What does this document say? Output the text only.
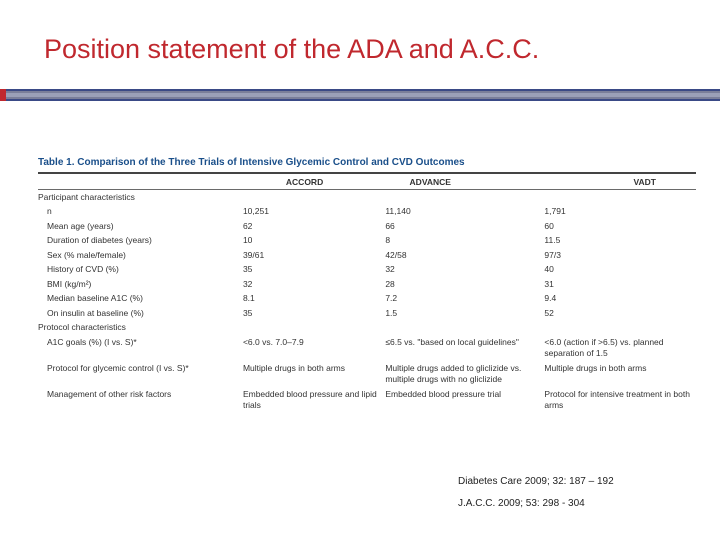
Position statement of the ADA and A.C.C.
Table 1. Comparison of the Three Trials of Intensive Glycemic Control and CVD Outcomes
	ACCORD	ADVANCE	VADT
Participant characteristics			
n	10,251	11,140	1,791
Mean age (years)	62	66	60
Duration of diabetes (years)	10	8	11.5
Sex (% male/female)	39/61	42/58	97/3
History of CVD (%)	35	32	40
BMI (kg/m²)	32	28	31
Median baseline A1C (%)	8.1	7.2	9.4
On insulin at baseline (%)	35	1.5	52
Protocol characteristics			
A1C goals (%) (I vs. S)*	<6.0 vs. 7.0–7.9	≤6.5 vs. "based on local guidelines"	<6.0 (action if >6.5) vs. planned separation of 1.5
Protocol for glycemic control (I vs. S)*	Multiple drugs in both arms	Multiple drugs added to gliclizide vs. multiple drugs with no gliclizide	Multiple drugs in both arms
Management of other risk factors	Embedded blood pressure and lipid trials	Embedded blood pressure trial	Protocol for intensive treatment in both arms
Diabetes Care 2009; 32: 187 – 192
J.A.C.C. 2009; 53: 298 - 304
